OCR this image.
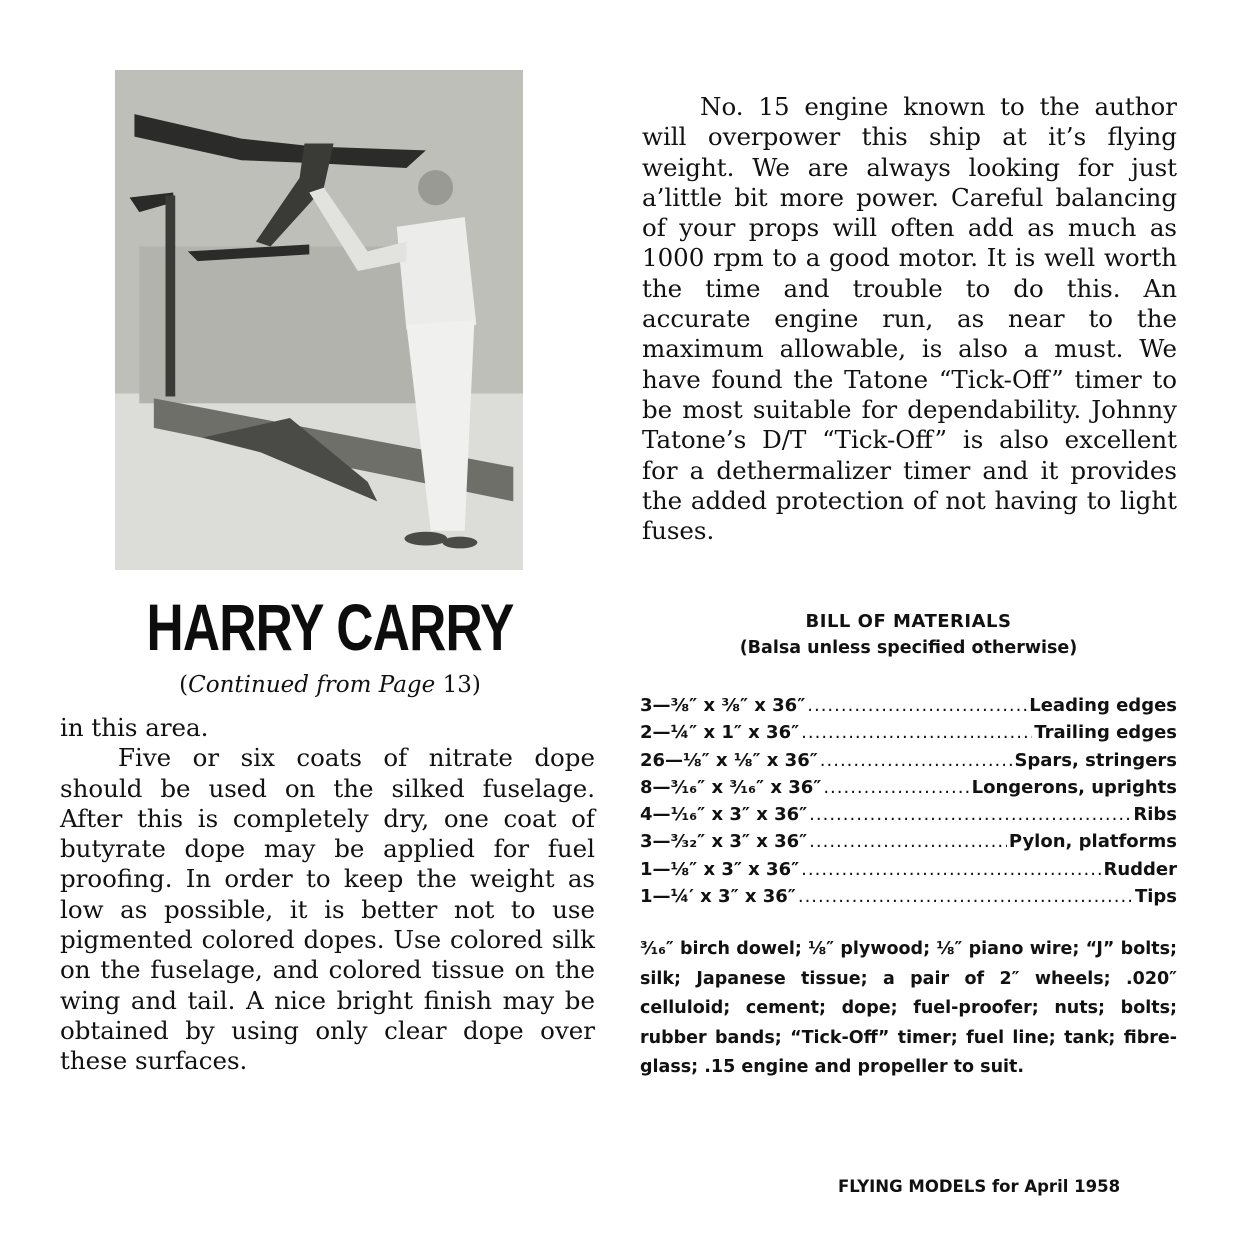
HARRY CARRY
(Continued from Page 13)

in this area.

Five or six coats of nitrate dope should be used on the silked fuselage. After this is completely dry, one coat of butyrate dope may be applied for fuel proofing. In order to keep the weight as low as possible, it is better not to use pigmented colored dopes. Use colored silk on the fuselage, and colored tissue on the wing and tail. A nice bright finish may be obtained by using only clear dope over these surfaces.

No. 15 engine known to the author will overpower this ship at it’s flying weight. We are always looking for just a’little bit more power. Careful balancing of your props will often add as much as 1000 rpm to a good motor. It is well worth the time and trouble to do this. An accurate engine run, as near to the maximum allowable, is also a must. We have found the Tatone “Tick-Off” timer to be most suitable for dependability. Johnny Tatone’s D/T “Tick-Off” is also excellent for a dethermalizer timer and it provides the added protection of not having to light fuses.

BILL OF MATERIALS
(Balsa unless specified otherwise)
3—⅜″ x ⅜″ x 36″ .....	Leading edges
2—¼″ x 1″ x 36″ .....	Trailing edges
26—⅛″ x ⅛″ x 36″ .....	Spars, stringers
8—³⁄₁₆″ x ³⁄₁₆″ x 36″ .....	Longerons, uprights
4—¹⁄₁₆″ x 3″ x 36″ .....	Ribs
3—³⁄₃₂″ x 3″ x 36″ .....	Pylon, platforms
1—⅛″ x 3″ x 36″ .....	Rudder
1—¼′ x 3″ x 36″ .....	Tips
³⁄₁₆″ birch dowel; ⅛″ plywood; ⅛″ piano wire; “J” bolts; silk; Japanese tissue; a pair of 2″ wheels; .020″ celluloid; cement; dope; fuel-proofer; nuts; bolts; rubber bands; “Tick-Off” timer; fuel line; tank; fibre-glass; .15 engine and propeller to suit.
FLYING MODELS for April 1958
